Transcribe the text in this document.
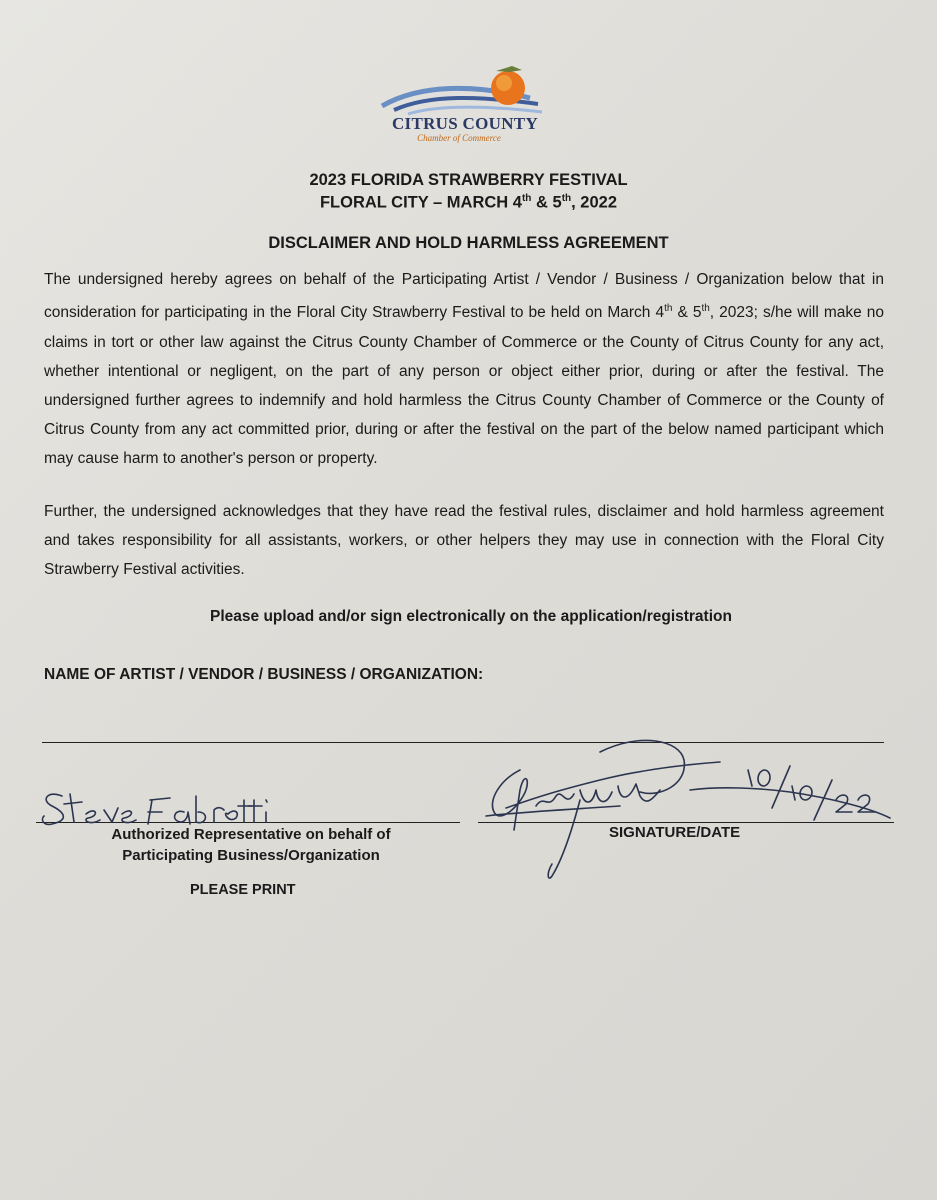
CITRUS COUNTY
Chamber of Commerce
2023 FLORIDA STRAWBERRY FESTIVAL
FLORAL CITY – MARCH 4th & 5th, 2022
DISCLAIMER AND HOLD HARMLESS AGREEMENT
The undersigned hereby agrees on behalf of the Participating Artist / Vendor / Business / Organization below that in consideration for participating in the Floral City Strawberry Festival to be held on March 4th & 5th, 2023; s/he will make no claims in tort or other law against the Citrus County Chamber of Commerce or the County of Citrus County for any act, whether intentional or negligent, on the part of any person or object either prior, during or after the festival. The undersigned further agrees to indemnify and hold harmless the Citrus County Chamber of Commerce or the County of Citrus County from any act committed prior, during or after the festival on the part of the below named participant which may cause harm to another's person or property.
Further, the undersigned acknowledges that they have read the festival rules, disclaimer and hold harmless agreement and takes responsibility for all assistants, workers, or other helpers they may use in connection with the Floral City Strawberry Festival activities.
Please upload and/or sign electronically on the application/registration
NAME OF ARTIST / VENDOR / BUSINESS / ORGANIZATION:
Authorized Representative on behalf of
Participating Business/Organization
PLEASE PRINT
SIGNATURE/DATE
